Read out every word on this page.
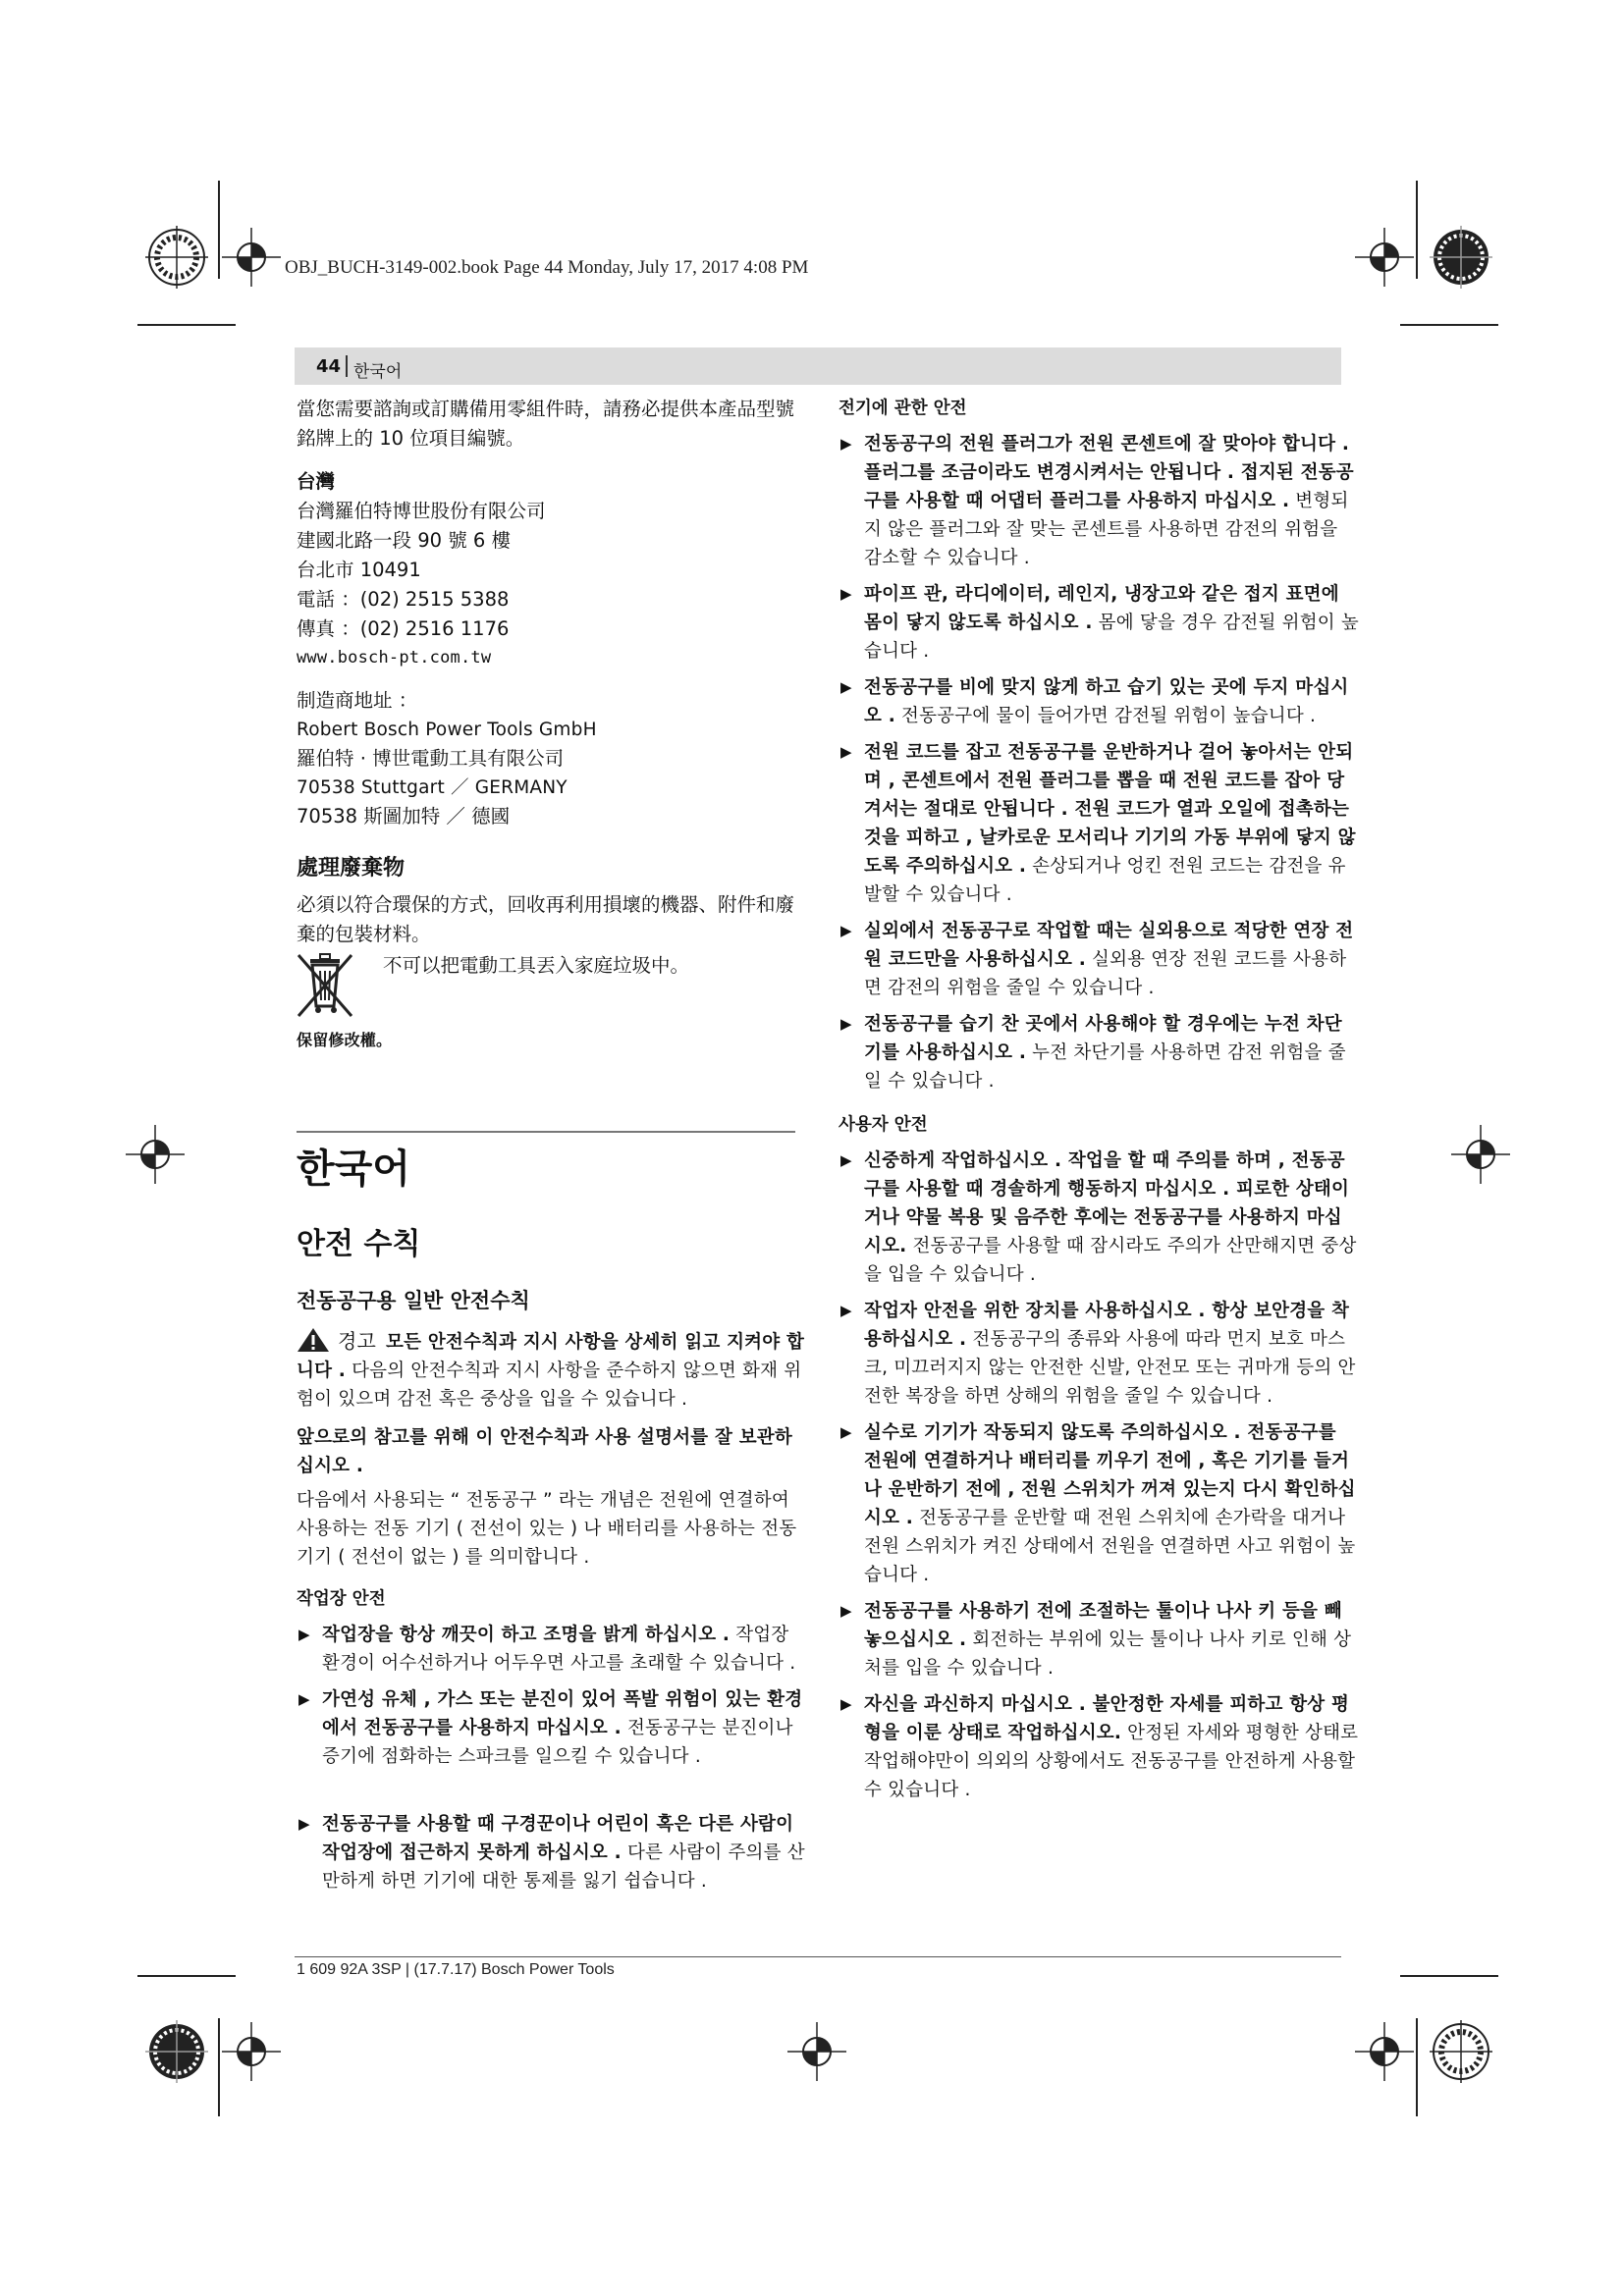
OBJ_BUCH-3149-002.book Page 44 Monday, July 17, 2017 4:08 PM
44 한국어

當您需要諮詢或訂購備用零組件時，請務必提供本產品型號銘牌上的 10 位項目編號。

台灣

台灣羅伯特博世股份有限公司

建國北路一段 90 號 6 樓

台北市 10491

電話 ：(02) 2515 5388

傳真 ：(02) 2516 1176

www.bosch-pt.com.tw

制造商地址 ：

Robert Bosch Power Tools GmbH

羅伯特 · 博世電動工具有限公司

70538 Stuttgart ／ GERMANY

70538 斯圖加特 ／ 德國

處理廢棄物

必須以符合環保的方式，回收再利用損壞的機器、附件和廢棄的包裝材料。

不可以把電動工具丟入家庭垃圾中。

保留修改權。

한국어
안전 수칙
전동공구용 일반 안전수칙

경고 모든 안전수칙과 지시 사항을 상세히 읽고 지켜야 합니다 . 다음의 안전수칙과 지시 사항을 준수하지 않으면 화재 위험이 있으며 감전 혹은 중상을 입을 수 있습니다 .

앞으로의 참고를 위해 이 안전수칙과 사용 설명서를 잘 보관하십시오 .

다음에서 사용되는 “ 전동공구 ” 라는 개념은 전원에 연결하여 사용하는 전동 기기 ( 전선이 있는 ) 나 배터리를 사용하는 전동 기기 ( 전선이 없는 ) 를 의미합니다 .

작업장 안전
▶ 작업장을 항상 깨끗이 하고 조명을 밝게 하십시오 . 작업장 환경이 어수선하거나 어두우면 사고를 초래할 수 있습니다 .

▶ 가연성 유체 , 가스 또는 분진이 있어 폭발 위험이 있는 환경에서 전동공구를 사용하지 마십시오 . 전동공구는 분진이나 증기에 점화하는 스파크를 일으킬 수 있습니다 .

▶ 전동공구를 사용할 때 구경꾼이나 어린이 혹은 다른 사람이 작업장에 접근하지 못하게 하십시오 . 다른 사람이 주의를 산만하게 하면 기기에 대한 통제를 잃기 쉽습니다 .

전기에 관한 안전
▶ 전동공구의 전원 플러그가 전원 콘센트에 잘 맞아야 합니다 . 플러그를 조금이라도 변경시켜서는 안됩니다 . 접지된 전동공구를 사용할 때 어댑터 플러그를 사용하지 마십시오 . 변형되지 않은 플러그와 잘 맞는 콘센트를 사용하면 감전의 위험을 감소할 수 있습니다 .

▶ 파이프 관, 라디에이터, 레인지, 냉장고와 같은 접지 표면에 몸이 닿지 않도록 하십시오 . 몸에 닿을 경우 감전될 위험이 높습니다 .

▶ 전동공구를 비에 맞지 않게 하고 습기 있는 곳에 두지 마십시오 . 전동공구에 물이 들어가면 감전될 위험이 높습니다 .

▶ 전원 코드를 잡고 전동공구를 운반하거나 걸어 놓아서는 안되며 , 콘센트에서 전원 플러그를 뽑을 때 전원 코드를 잡아 당겨서는 절대로 안됩니다 . 전원 코드가 열과 오일에 접촉하는 것을 피하고 , 날카로운 모서리나 기기의 가동 부위에 닿지 않도록 주의하십시오 . 손상되거나 엉킨 전원 코드는 감전을 유발할 수 있습니다 .

▶ 실외에서 전동공구로 작업할 때는 실외용으로 적당한 연장 전원 코드만을 사용하십시오 . 실외용 연장 전원 코드를 사용하면 감전의 위험을 줄일 수 있습니다 .

▶ 전동공구를 습기 찬 곳에서 사용해야 할 경우에는 누전 차단기를 사용하십시오 . 누전 차단기를 사용하면 감전 위험을 줄일 수 있습니다 .

사용자 안전
▶ 신중하게 작업하십시오 . 작업을 할 때 주의를 하며 , 전동공구를 사용할 때 경솔하게 행동하지 마십시오 . 피로한 상태이거나 약물 복용 및 음주한 후에는 전동공구를 사용하지 마십시오. 전동공구를 사용할 때 잠시라도 주의가 산만해지면 중상을 입을 수 있습니다 .

▶ 작업자 안전을 위한 장치를 사용하십시오 . 항상 보안경을 착용하십시오 . 전동공구의 종류와 사용에 따라 먼지 보호 마스크, 미끄러지지 않는 안전한 신발, 안전모 또는 귀마개 등의 안전한 복장을 하면 상해의 위험을 줄일 수 있습니다 .

▶ 실수로 기기가 작동되지 않도록 주의하십시오 . 전동공구를 전원에 연결하거나 배터리를 끼우기 전에 , 혹은 기기를 들거나 운반하기 전에 , 전원 스위치가 꺼져 있는지 다시 확인하십시오 . 전동공구를 운반할 때 전원 스위치에 손가락을 대거나 전원 스위치가 켜진 상태에서 전원을 연결하면 사고 위험이 높습니다 .

▶ 전동공구를 사용하기 전에 조절하는 툴이나 나사 키 등을 빼 놓으십시오 . 회전하는 부위에 있는 툴이나 나사 키로 인해 상처를 입을 수 있습니다 .

▶ 자신을 과신하지 마십시오 . 불안정한 자세를 피하고 항상 평형을 이룬 상태로 작업하십시오. 안정된 자세와 평형한 상태로 작업해야만이 의외의 상황에서도 전동공구를 안전하게 사용할 수 있습니다 .

1 609 92A 3SP | (17.7.17) Bosch Power Tools
